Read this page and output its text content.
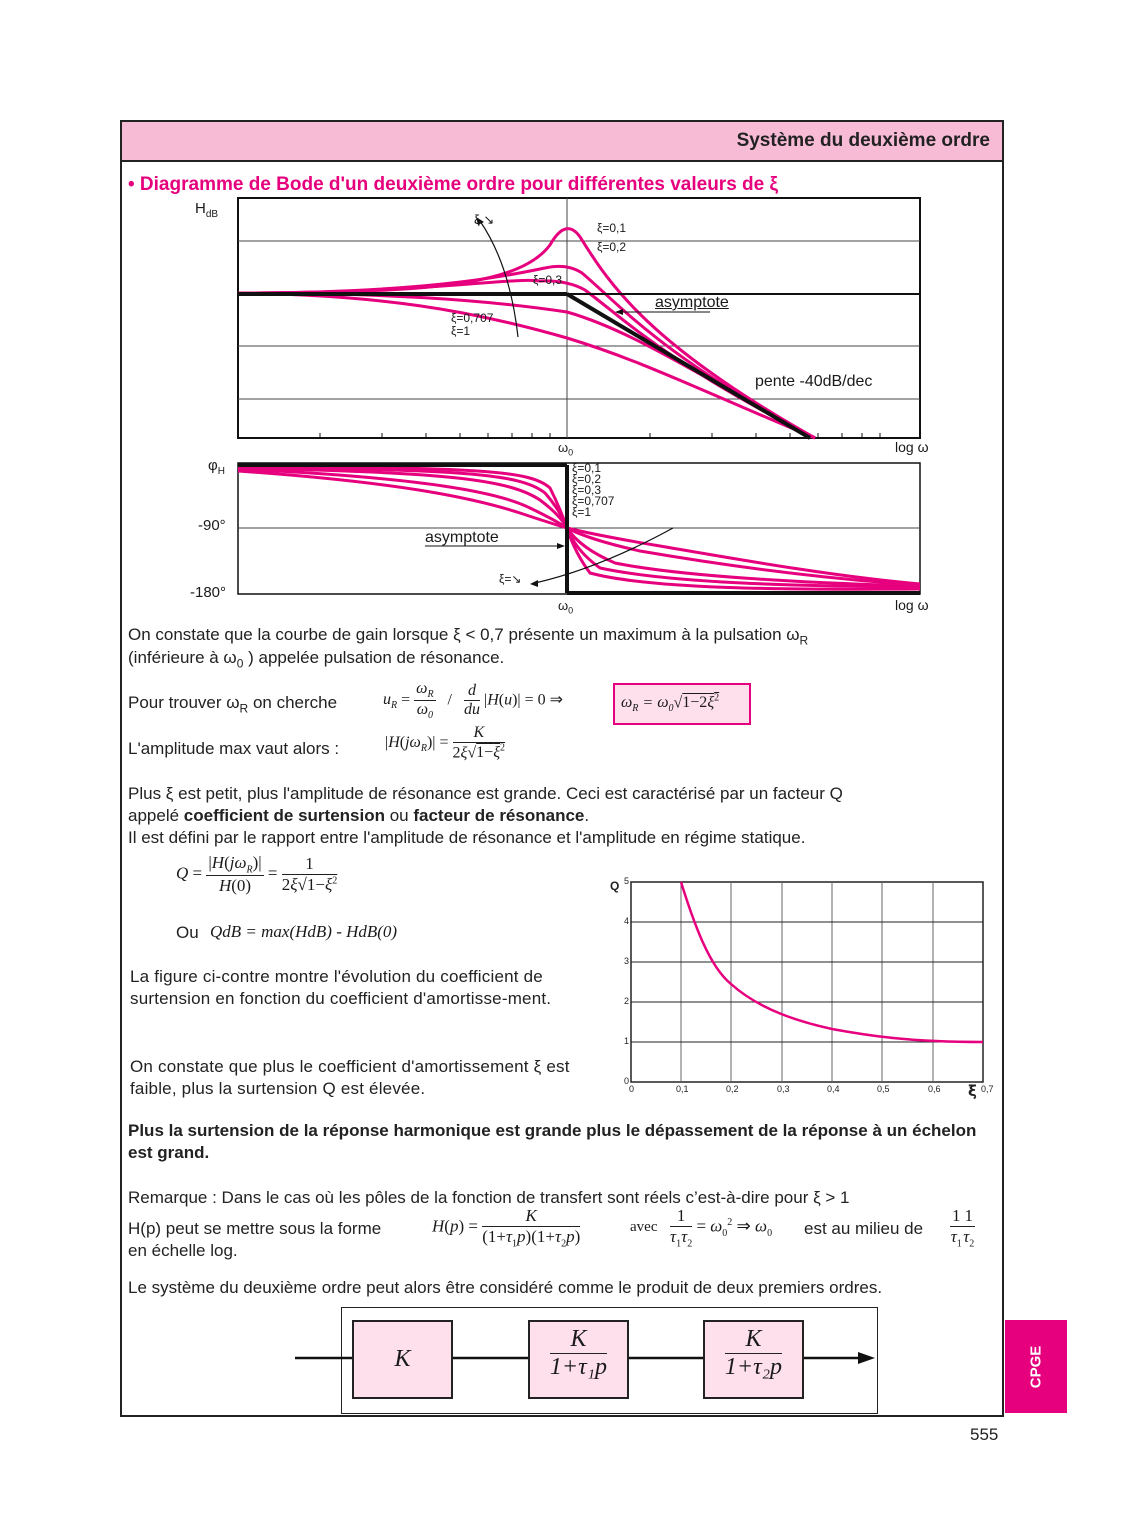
Système du deuxième ordre
• Diagramme de Bode d'un deuxième ordre pour différentes valeurs de ξ
$H_{dB}$	ξ ↘
ξ=0,1
ξ=0,2
ξ=0,3
ξ=0,707
ξ=1
asymptote
pente -40dB/dec
$\omega_0$	log ω
$\varphi_H$
-90°
-180°
ξ=0,1
ξ=0,2
ξ=0,3
ξ=0,707
ξ=1
asymptote
ξ=↘
$\omega_0$	log ω
On constate que la courbe de gain lorsque ξ < 0,7 présente un maximum à la pulsation $\omega_R$
(inférieure à $\omega_0$ ) appelée pulsation de résonance.
Pour trouver $\omega_R$ on cherche	$u_R = \frac{\omega_R}{\omega_0} / \frac{d}{du} |H(u)| = 0$ ⇒	$\omega_R = \omega_0√1-2\xi^2$
L'amplitude max vaut alors :	$|H(j\omega_R)| = \frac{K}{2\xi√1-\xi^2}$
Plus ξ est petit, plus l'amplitude de résonance est grande. Ceci est caractérisé par un facteur Q
appelé coefficient de surtension ou facteur de résonance.
Il est défini par le rapport entre l'amplitude de résonance et l'amplitude en régime statique.
$Q = \frac{|H(j\omega_R)|}{H(0)} = \frac{1}{2\xi√1-\xi^2}$
Ou QdB = max(HdB) - HdB(0)
La figure ci-contre montre l'évolution du coefficient de surtension en fonction du coefficient d'amortisse-ment.
On constate que plus le coefficient d'amortissement ξ est faible, plus la surtension Q est élevée.
5
4
3
2
1
0
0	0,1	0,2	0,3	0,4	0,5	0,6	0,7
Q
ξ
Plus la surtension de la réponse harmonique est grande plus le dépassement de la réponse à un échelon est grand.
Remarque : Dans le cas où les pôles de la fonction de transfert sont réels c’est-à-dire pour ξ > 1
H(p) peut se mettre sous la forme	$H(p) = \frac{K}{(1+\tau_1p)(1+\tau_2p)}$	avec $\frac{1}{\tau_1\tau_2} = \omega_0^2$ ⇒ $\omega_0$ est au milieu de $\frac{1}{\tau_1} \frac{1}{\tau_2}$
en échelle log.
Le système du deuxième ordre peut alors être considéré comme le produit de deux premiers ordres.
K	$\frac{K}{\text{1+τ₁p}}$	$\frac{K}{\text{1+τ₂p}}$	CPGE
555
